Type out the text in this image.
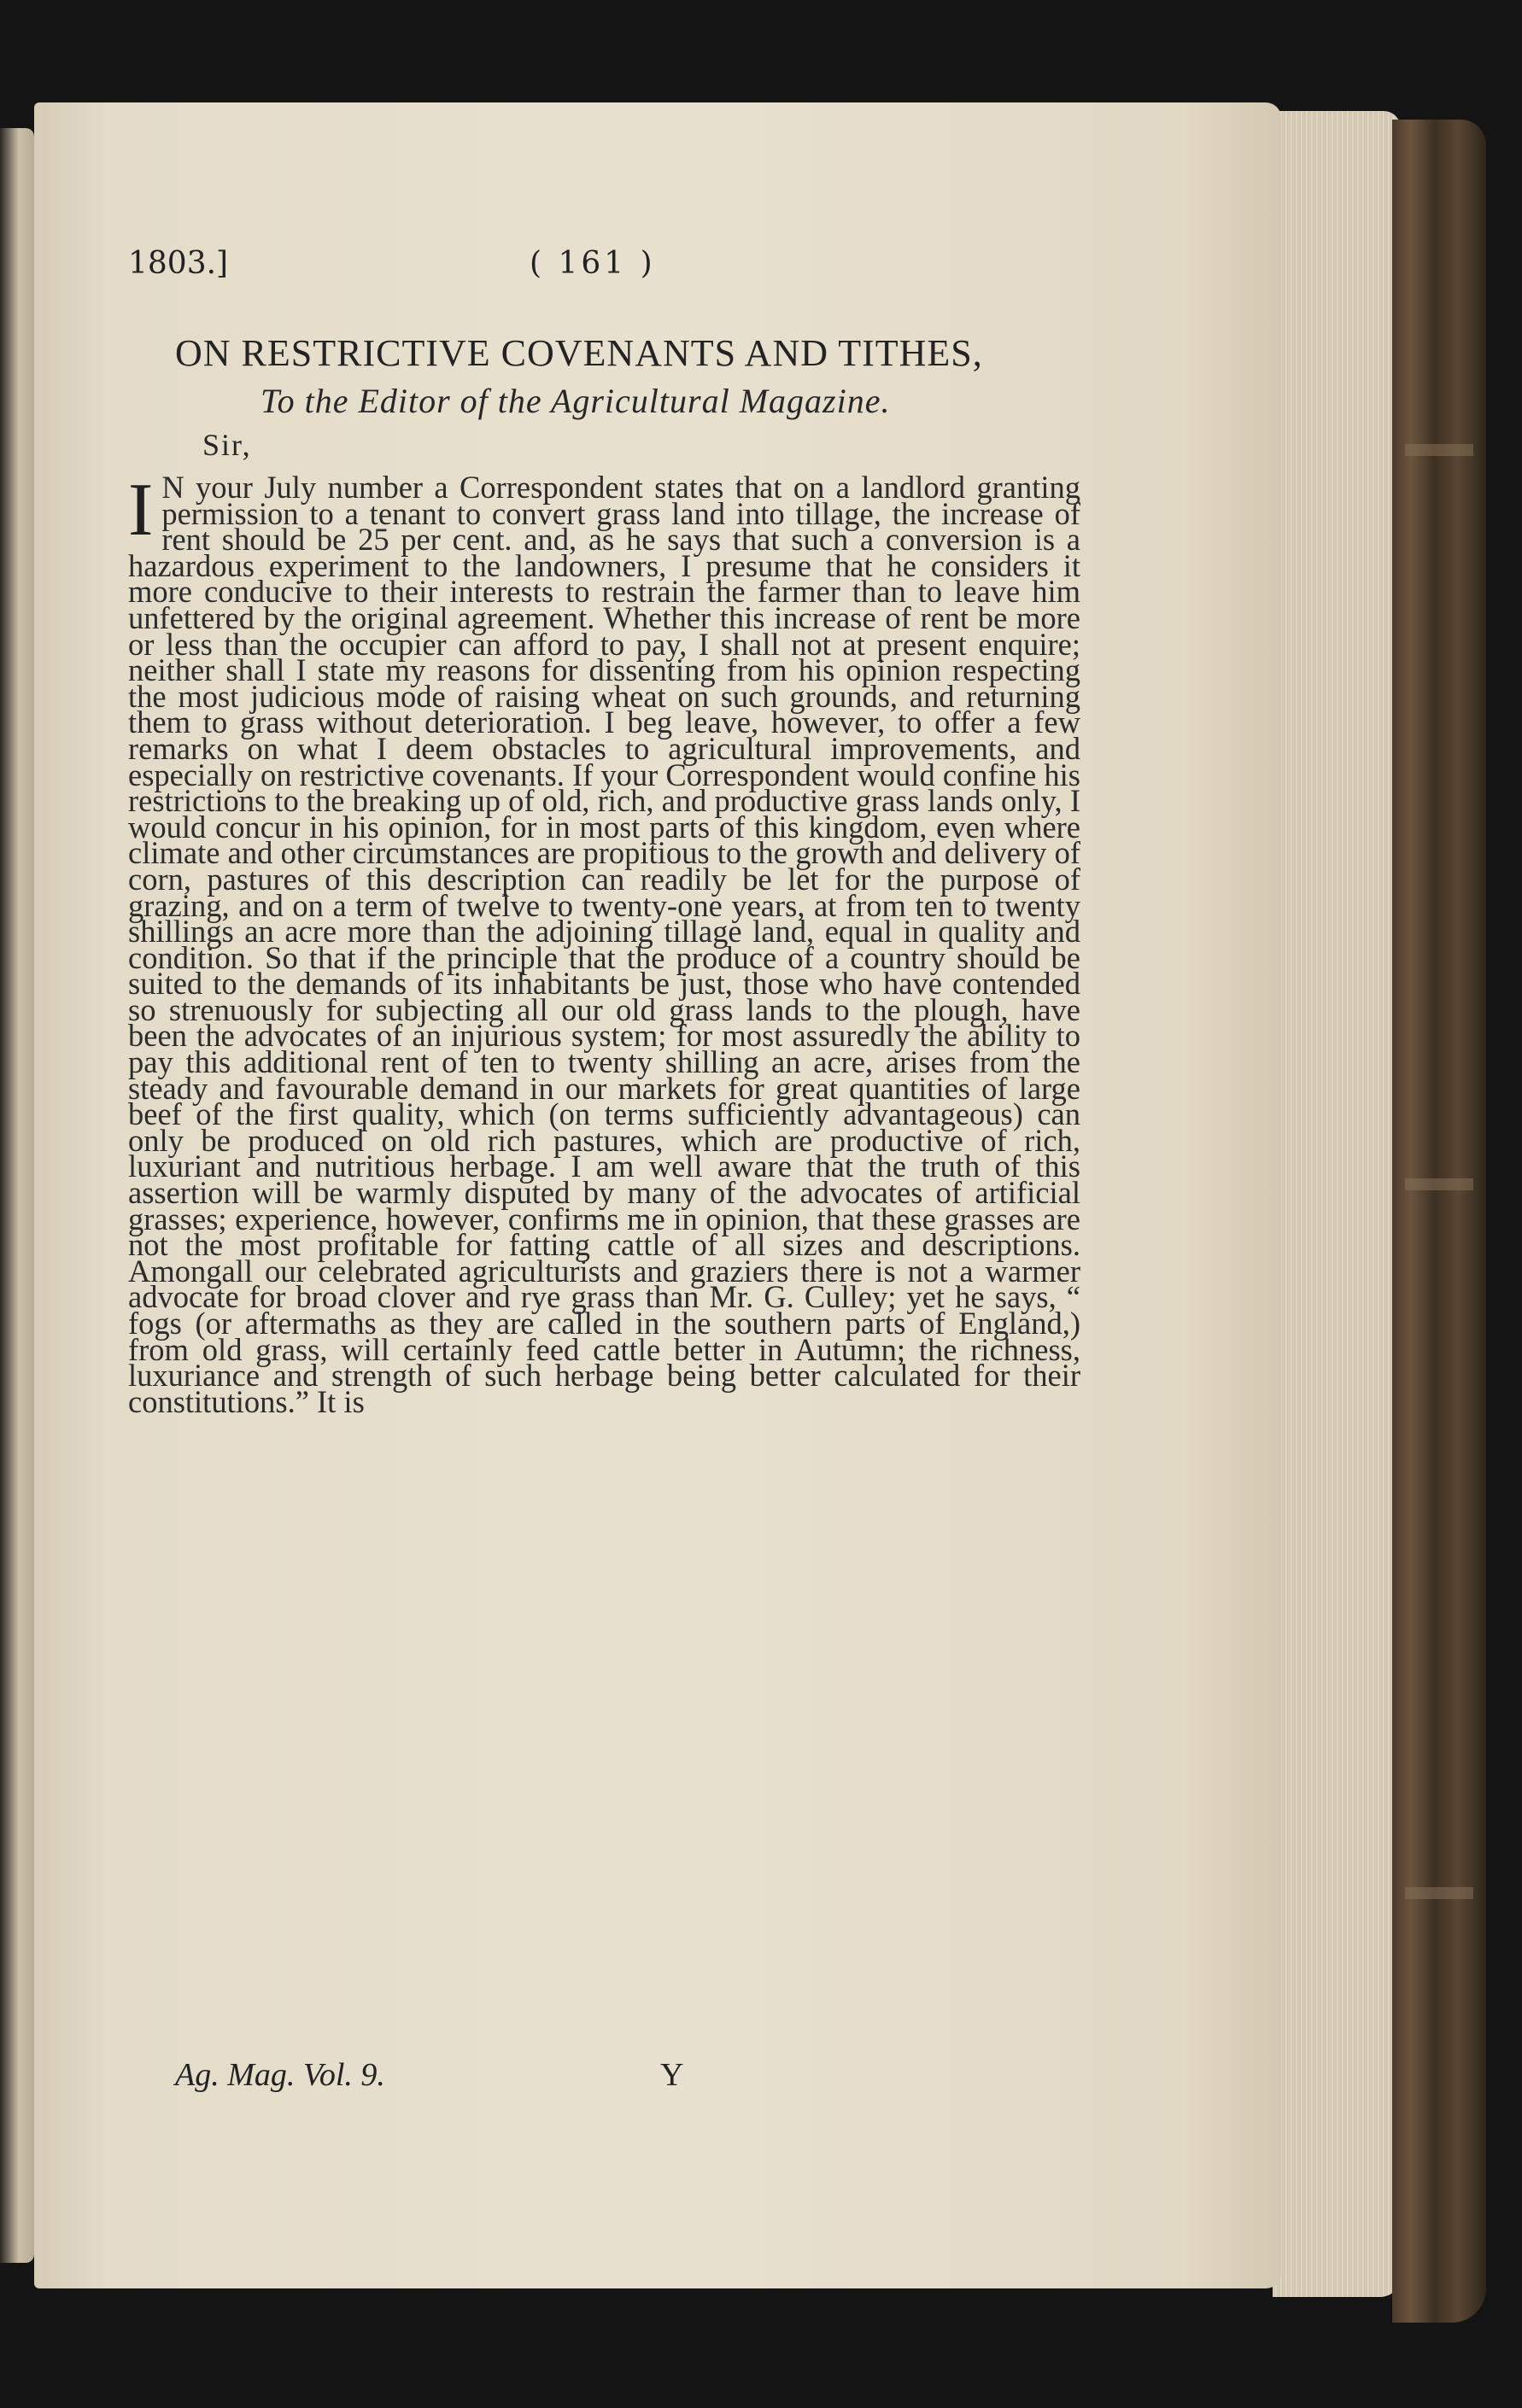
1803.]	( 161 )
ON RESTRICTIVE COVENANTS AND TITHES,
To the Editor of the Agricultural Magazine.
Sir,
I N your July number a Correspondent states that on a landlord granting permission to a tenant to convert grass land into tillage, the increase of rent should be 25 per cent. and, as he says that such a conversion is a hazardous experiment to the landowners, I presume that he considers it more conducive to their interests to restrain the farmer than to leave him unfettered by the original agreement. Whether this increase of rent be more or less than the occupier can afford to pay, I shall not at present enquire; neither shall I state my reasons for dissenting from his opinion respecting the most judicious mode of raising wheat on such grounds, and returning them to grass without deterioration. I beg leave, however, to offer a few remarks on what I deem obstacles to agricultural improvements, and especially on restrictive covenants. If your Correspondent would confine his restrictions to the breaking up of old, rich, and productive grass lands only, I would concur in his opinion, for in most parts of this kingdom, even where climate and other circumstances are propitious to the growth and delivery of corn, pastures of this description can readily be let for the purpose of grazing, and on a term of twelve to twenty-one years, at from ten to twenty shillings an acre more than the adjoining tillage land, equal in quality and condition. So that if the principle that the produce of a country should be suited to the demands of its inhabitants be just, those who have contended so strenuously for subjecting all our old grass lands to the plough, have been the advocates of an injurious system; for most assuredly the ability to pay this additional rent of ten to twenty shilling an acre, arises from the steady and favourable demand in our markets for great quantities of large beef of the first quality, which (on terms sufficiently advantageous) can only be produced on old rich pastures, which are productive of rich, luxuriant and nutritious herbage. I am well aware that the truth of this assertion will be warmly disputed by many of the advocates of artificial grasses; experience, however, confirms me in opinion, that these grasses are not the most profitable for fatting cattle of all sizes and descriptions. Amongall our celebrated agriculturists and graziers there is not a warmer advocate for broad clover and rye grass than Mr. G. Culley; yet he says, “ fogs (or aftermaths as they are called in the southern parts of England,) from old grass, will certainly feed cattle better in Autumn; the richness, luxuriance and strength of such herbage being better calculated for their constitutions.” It is
Ag. Mag. Vol. 9.	Y
